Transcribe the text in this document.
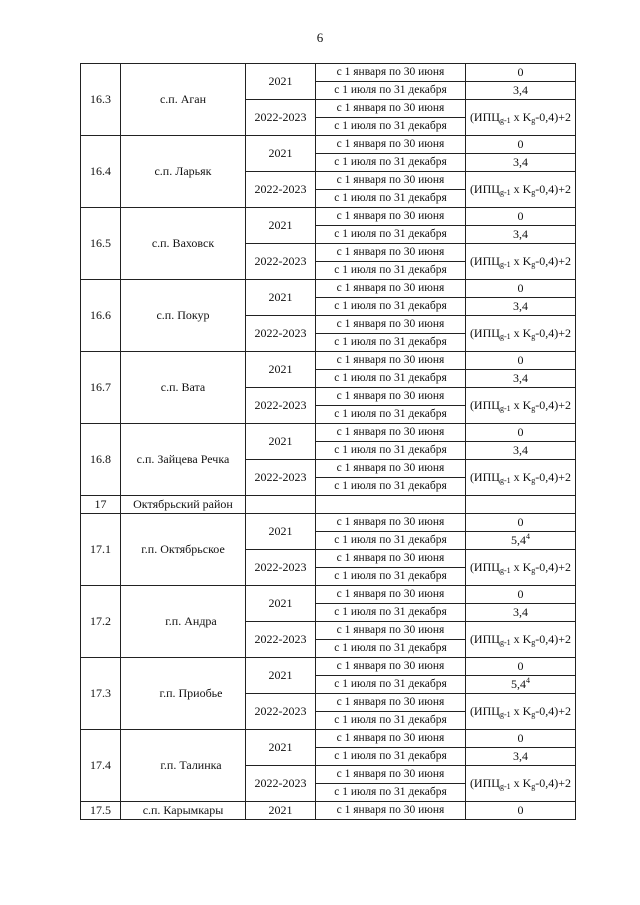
6
16.3	с.п. Аган	2021	с 1 января по 30 июня	0
			с 1 июля по 31 декабря	3,4
		2022-2023	с 1 января по 30 июня	($ИПЦ_{g-1}$ x $K_g-0,4)+2$
			с 1 июля по 31 декабря	
16.4	с.п. Ларьяк	2021	с 1 января по 30 июня	0
			с 1 июля по 31 декабря	3,4
		2022-2023	с 1 января по 30 июня	($ИПЦ_{g-1}$ x $K_g-0,4)+2$
			с 1 июля по 31 декабря	
16.5	с.п. Ваховск	2021	с 1 января по 30 июня	0
			с 1 июля по 31 декабря	3,4
		2022-2023	с 1 января по 30 июня	($ИПЦ_{g-1}$ x $K_g-0,4)+2$
			с 1 июля по 31 декабря	
16.6	с.п. Покур	2021	с 1 января по 30 июня	0
			с 1 июля по 31 декабря	3,4
		2022-2023	с 1 января по 30 июня	($ИПЦ_{g-1}$ x $K_g-0,4)+2$
			с 1 июля по 31 декабря	
16.7	с.п. Вата	2021	с 1 января по 30 июня	0
			с 1 июля по 31 декабря	3,4
		2022-2023	с 1 января по 30 июня	($ИПЦ_{g-1}$ x $K_g-0,4)+2$
			с 1 июля по 31 декабря	
16.8	с.п. Зайцева Речка	2021	с 1 января по 30 июня	0
			с 1 июля по 31 декабря	3,4
		2022-2023	с 1 января по 30 июня	($ИПЦ_{g-1}$ x $K_g-0,4)+2$
			с 1 июля по 31 декабря	
17	Октябрьский район			
17.1	г.п. Октябрьское	2021	с 1 января по 30 июня	0
			с 1 июля по 31 декабря	$5,4^4$
		2022-2023	с 1 января по 30 июня	($ИПЦ_{g-1}$ x $K_g-0,4)+2$
			с 1 июля по 31 декабря	
17.2	г.п. Андра	2021	с 1 января по 30 июня	0
			с 1 июля по 31 декабря	3,4
		2022-2023	с 1 января по 30 июня	($ИПЦ_{g-1}$ x $K_g-0,4)+2$
			с 1 июля по 31 декабря	
17.3	г.п. Приобье	2021	с 1 января по 30 июня	0
			с 1 июля по 31 декабря	$5,4^4$
		2022-2023	с 1 января по 30 июня	($ИПЦ_{g-1}$ x $K_g-0,4)+2$
			с 1 июля по 31 декабря	
17.4	г.п. Талинка	2021	с 1 января по 30 июня	0
			с 1 июля по 31 декабря	3,4
		2022-2023	с 1 января по 30 июня	($ИПЦ_{g-1}$ x $K_g-0,4)+2$
			с 1 июля по 31 декабря	
17.5	с.п. Карымкары	2021	с 1 января по 30 июня	0
